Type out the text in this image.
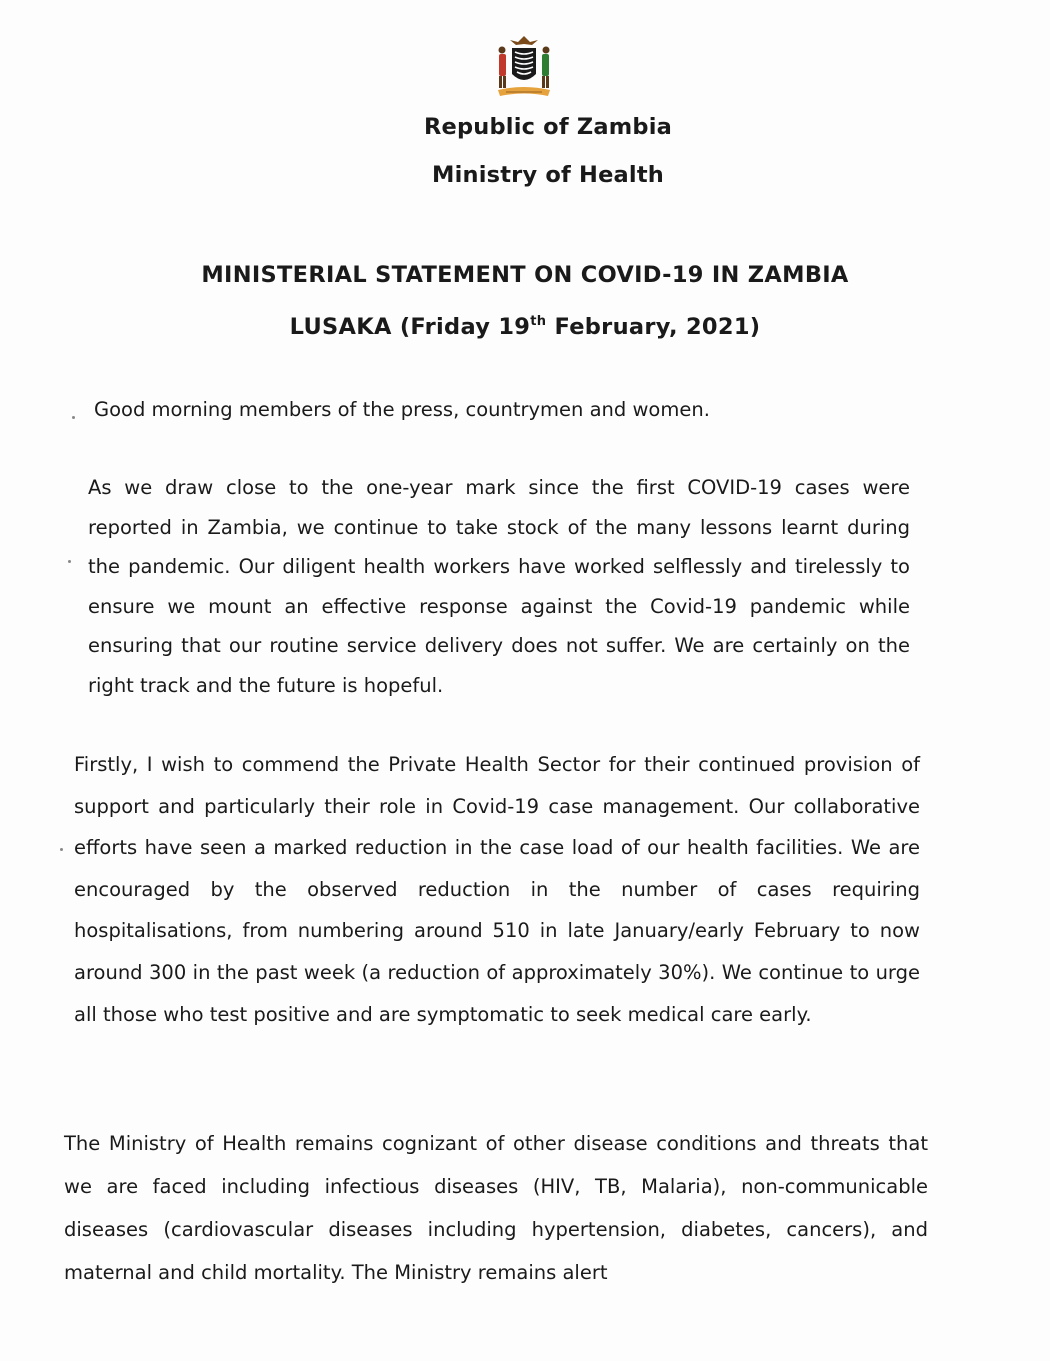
Republic of Zambia
Ministry of Health
MINISTERIAL STATEMENT ON COVID-19 IN ZAMBIA
LUSAKA (Friday 19th February, 2021)
Good morning members of the press, countrymen and women.
As we draw close to the one-year mark since the first COVID-19 cases were reported in Zambia, we continue to take stock of the many lessons learnt during the pandemic. Our diligent health workers have worked selflessly and tirelessly to ensure we mount an effective response against the Covid-19 pandemic while ensuring that our routine service delivery does not suffer. We are certainly on the right track and the future is hopeful.
Firstly, I wish to commend the Private Health Sector for their continued provision of support and particularly their role in Covid-19 case management. Our collaborative efforts have seen a marked reduction in the case load of our health facilities. We are encouraged by the observed reduction in the number of cases requiring hospitalisations, from numbering around 510 in late January/early February to now around 300 in the past week (a reduction of approximately 30%). We continue to urge all those who test positive and are symptomatic to seek medical care early.
The Ministry of Health remains cognizant of other disease conditions and threats that we are faced including infectious diseases (HIV, TB, Malaria), non-communicable diseases (cardiovascular diseases including hypertension, diabetes, cancers), and maternal and child mortality. The Ministry remains alert
